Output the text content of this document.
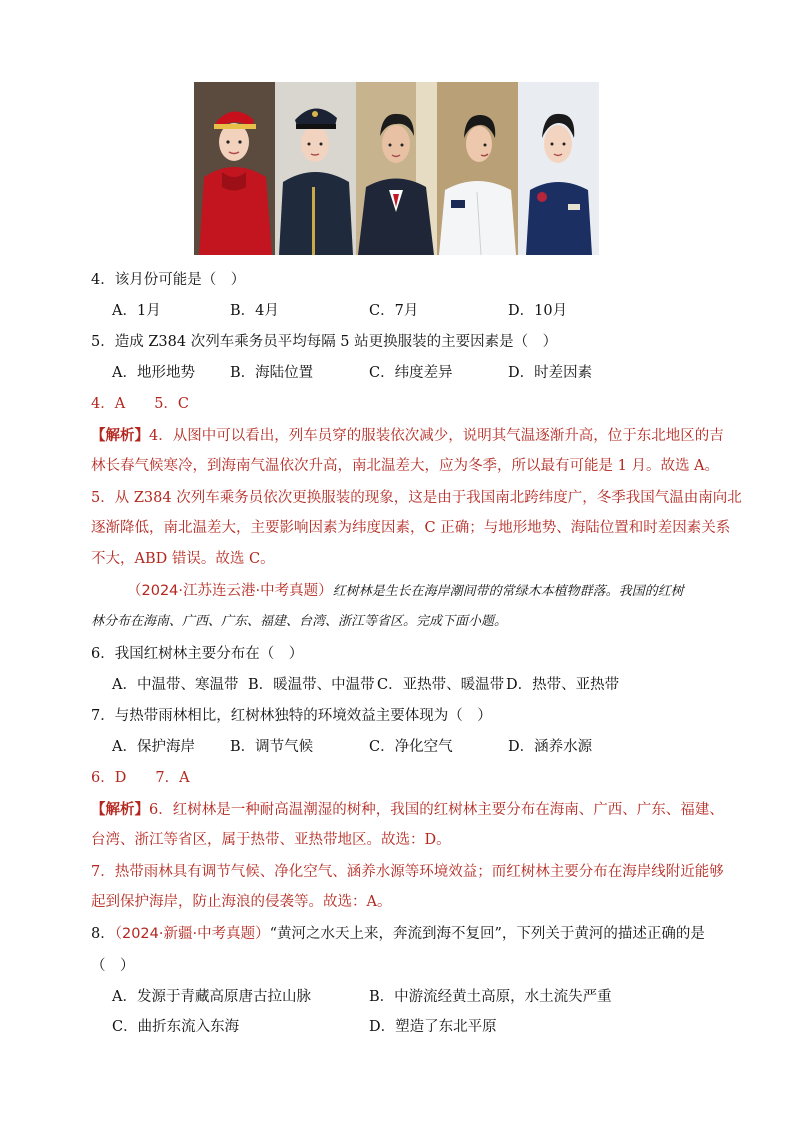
4．该月份可能是（　）
A．1月	B．4月	C．7月	D．10月
5．造成 Z384 次列车乘务员平均每隔 5 站更换服装的主要因素是（　）
A．地形地势 B．海陆位置	C．纬度差异	D．时差因素
4．A　　5．C
【解析】4．从图中可以看出，列车员穿的服装依次减少，说明其气温逐渐升高，位于东北地区的吉
林长春气候寒冷，到海南气温依次升高，南北温差大，应为冬季，所以最有可能是 1 月。故选 A。
5．从 Z384 次列车乘务员依次更换服装的现象，这是由于我国南北跨纬度广，冬季我国气温由南向北
逐渐降低，南北温差大，主要影响因素为纬度因素，C 正确；与地形地势、海陆位置和时差因素关系
不大，ABD 错误。故选 C。
（2024·江苏连云港·中考真题）红树林是生长在海岸潮间带的常绿木本植物群落。我国的红树
林分布在海南、广西、广东、福建、台湾、浙江等省区。完成下面小题。
6．我国红树林主要分布在（　）
A．中温带、寒温带 B．暖温带、中温带 C．亚热带、暖温带 D．热带、亚热带
7．与热带雨林相比，红树林独特的环境效益主要体现为（　）
A．保护海岸 B．调节气候	C．净化空气	D．涵养水源
6．D　　7．A
【解析】6．红树林是一种耐高温潮湿的树种，我国的红树林主要分布在海南、广西、广东、福建、
台湾、浙江等省区，属于热带、亚热带地区。故选：D。
7．热带雨林具有调节气候、净化空气、涵养水源等环境效益；而红树林主要分布在海岸线附近能够
起到保护海岸，防止海浪的侵袭等。故选：A。
8．（2024·新疆·中考真题）“黄河之水天上来，奔流到海不复回”，下列关于黄河的描述正确的是
（　）
A．发源于青藏高原唐古拉山脉	B．中游流经黄土高原，水土流失严重
C．曲折东流入东海	D．塑造了东北平原
